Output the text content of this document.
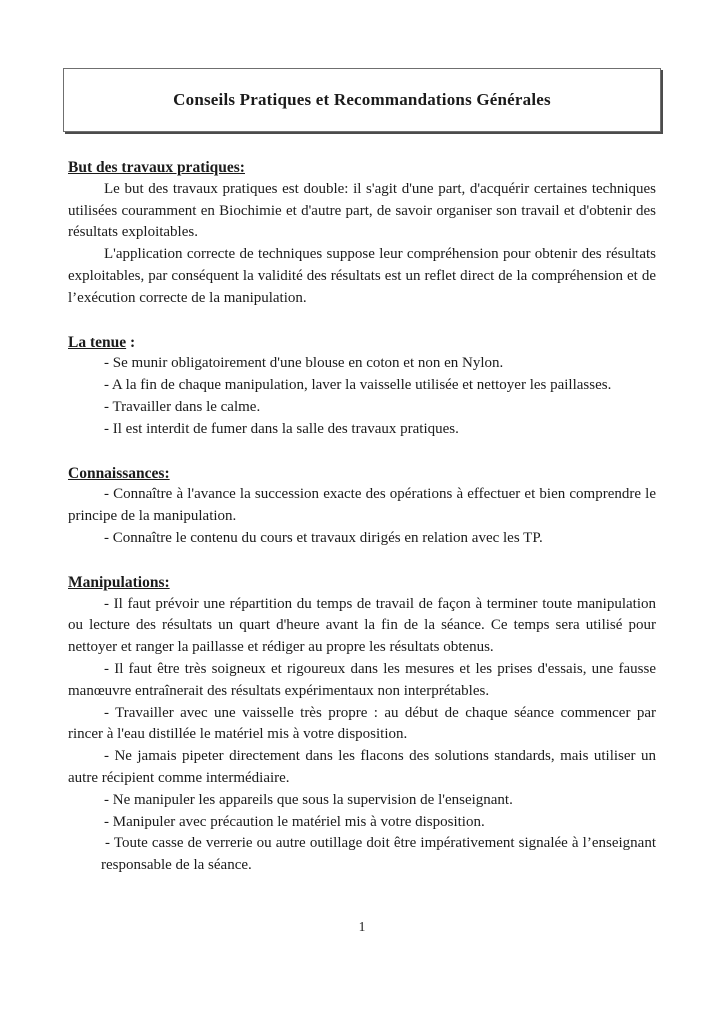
Conseils Pratiques et Recommandations Générales
But des travaux pratiques:

Le but des travaux pratiques est double: il s'agit d'une part, d'acquérir certaines techniques utilisées couramment en Biochimie et d'autre part, de savoir organiser son travail et d'obtenir des résultats exploitables.

L'application correcte de techniques suppose leur compréhension pour obtenir des résultats exploitables, par conséquent la validité des résultats est un reflet direct de la compréhension et de l’exécution correcte de la manipulation.

La tenue :

- Se munir obligatoirement d'une blouse en coton et non en Nylon.

- A la fin de chaque manipulation, laver la vaisselle utilisée et nettoyer les paillasses.

- Travailler dans le calme.

- Il est interdit de fumer dans la salle des travaux pratiques.

Connaissances:

- Connaître à l'avance la succession exacte des opérations à effectuer et bien comprendre le principe de la manipulation.

- Connaître le contenu du cours et travaux dirigés en relation avec les TP.

Manipulations:

- Il faut prévoir une répartition du temps de travail de façon à terminer toute manipulation ou lecture des résultats un quart d'heure avant la fin de la séance. Ce temps sera utilisé pour nettoyer et ranger la paillasse et rédiger au propre les résultats obtenus.

- Il faut être très soigneux et rigoureux dans les mesures et les prises d'essais, une fausse manœuvre entraînerait des résultats expérimentaux non interprétables.

- Travailler avec une vaisselle très propre : au début de chaque séance commencer par rincer à l'eau distillée le matériel mis à votre disposition.

- Ne jamais pipeter directement dans les flacons des solutions standards, mais utiliser un autre récipient comme intermédiaire.

- Ne manipuler les appareils que sous la supervision de l'enseignant.

- Manipuler avec précaution le matériel mis à votre disposition.

- Toute casse de verrerie ou autre outillage doit être impérativement signalée à l’enseignant responsable de la séance.

1
